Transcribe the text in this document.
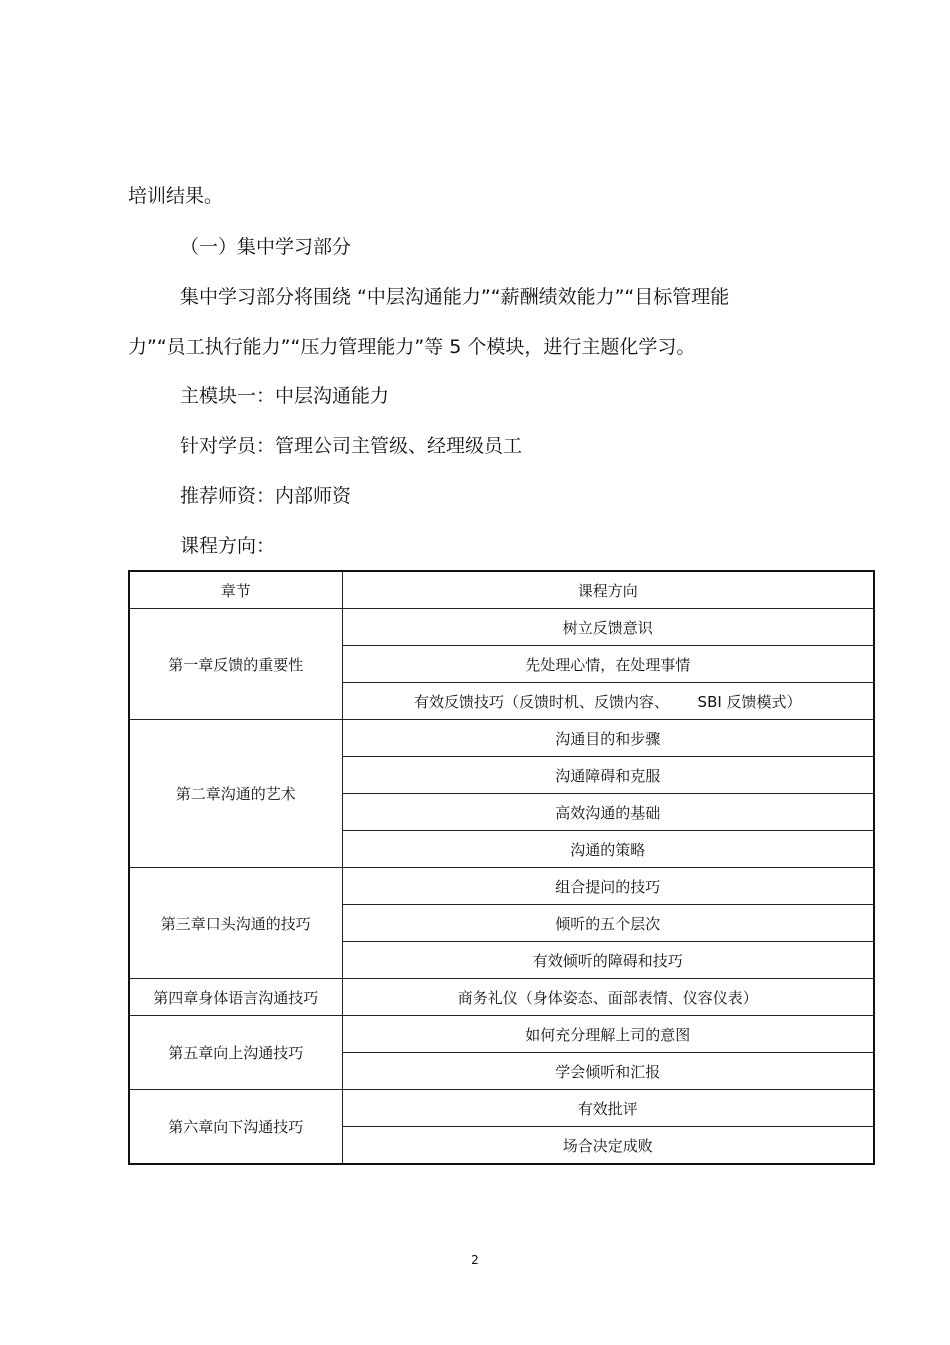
培训结果。

（一）集中学习部分

集中学习部分将围绕 “中层沟通能力”“薪酬绩效能力”“目标管理能

力”“员工执行能力”“压力管理能力”等 5 个模块，进行主题化学习。

主模块一：中层沟通能力

针对学员：管理公司主管级、经理级员工

推荐师资：内部师资

课程方向：

章节	课程方向
第一章反馈的重要性	树立反馈意识
	先处理心情，在处理事情
	有效反馈技巧（反馈时机、反馈内容、      SBI 反馈模式）
第二章沟通的艺术	沟通目的和步骤
	沟通障碍和克服
	高效沟通的基础
	沟通的策略
第三章口头沟通的技巧	组合提问的技巧
	倾听的五个层次
	有效倾听的障碍和技巧
第四章身体语言沟通技巧	商务礼仪（身体姿态、面部表情、仪容仪表）
第五章向上沟通技巧	如何充分理解上司的意图
	学会倾听和汇报
第六章向下沟通技巧	有效批评
	场合决定成败
2
